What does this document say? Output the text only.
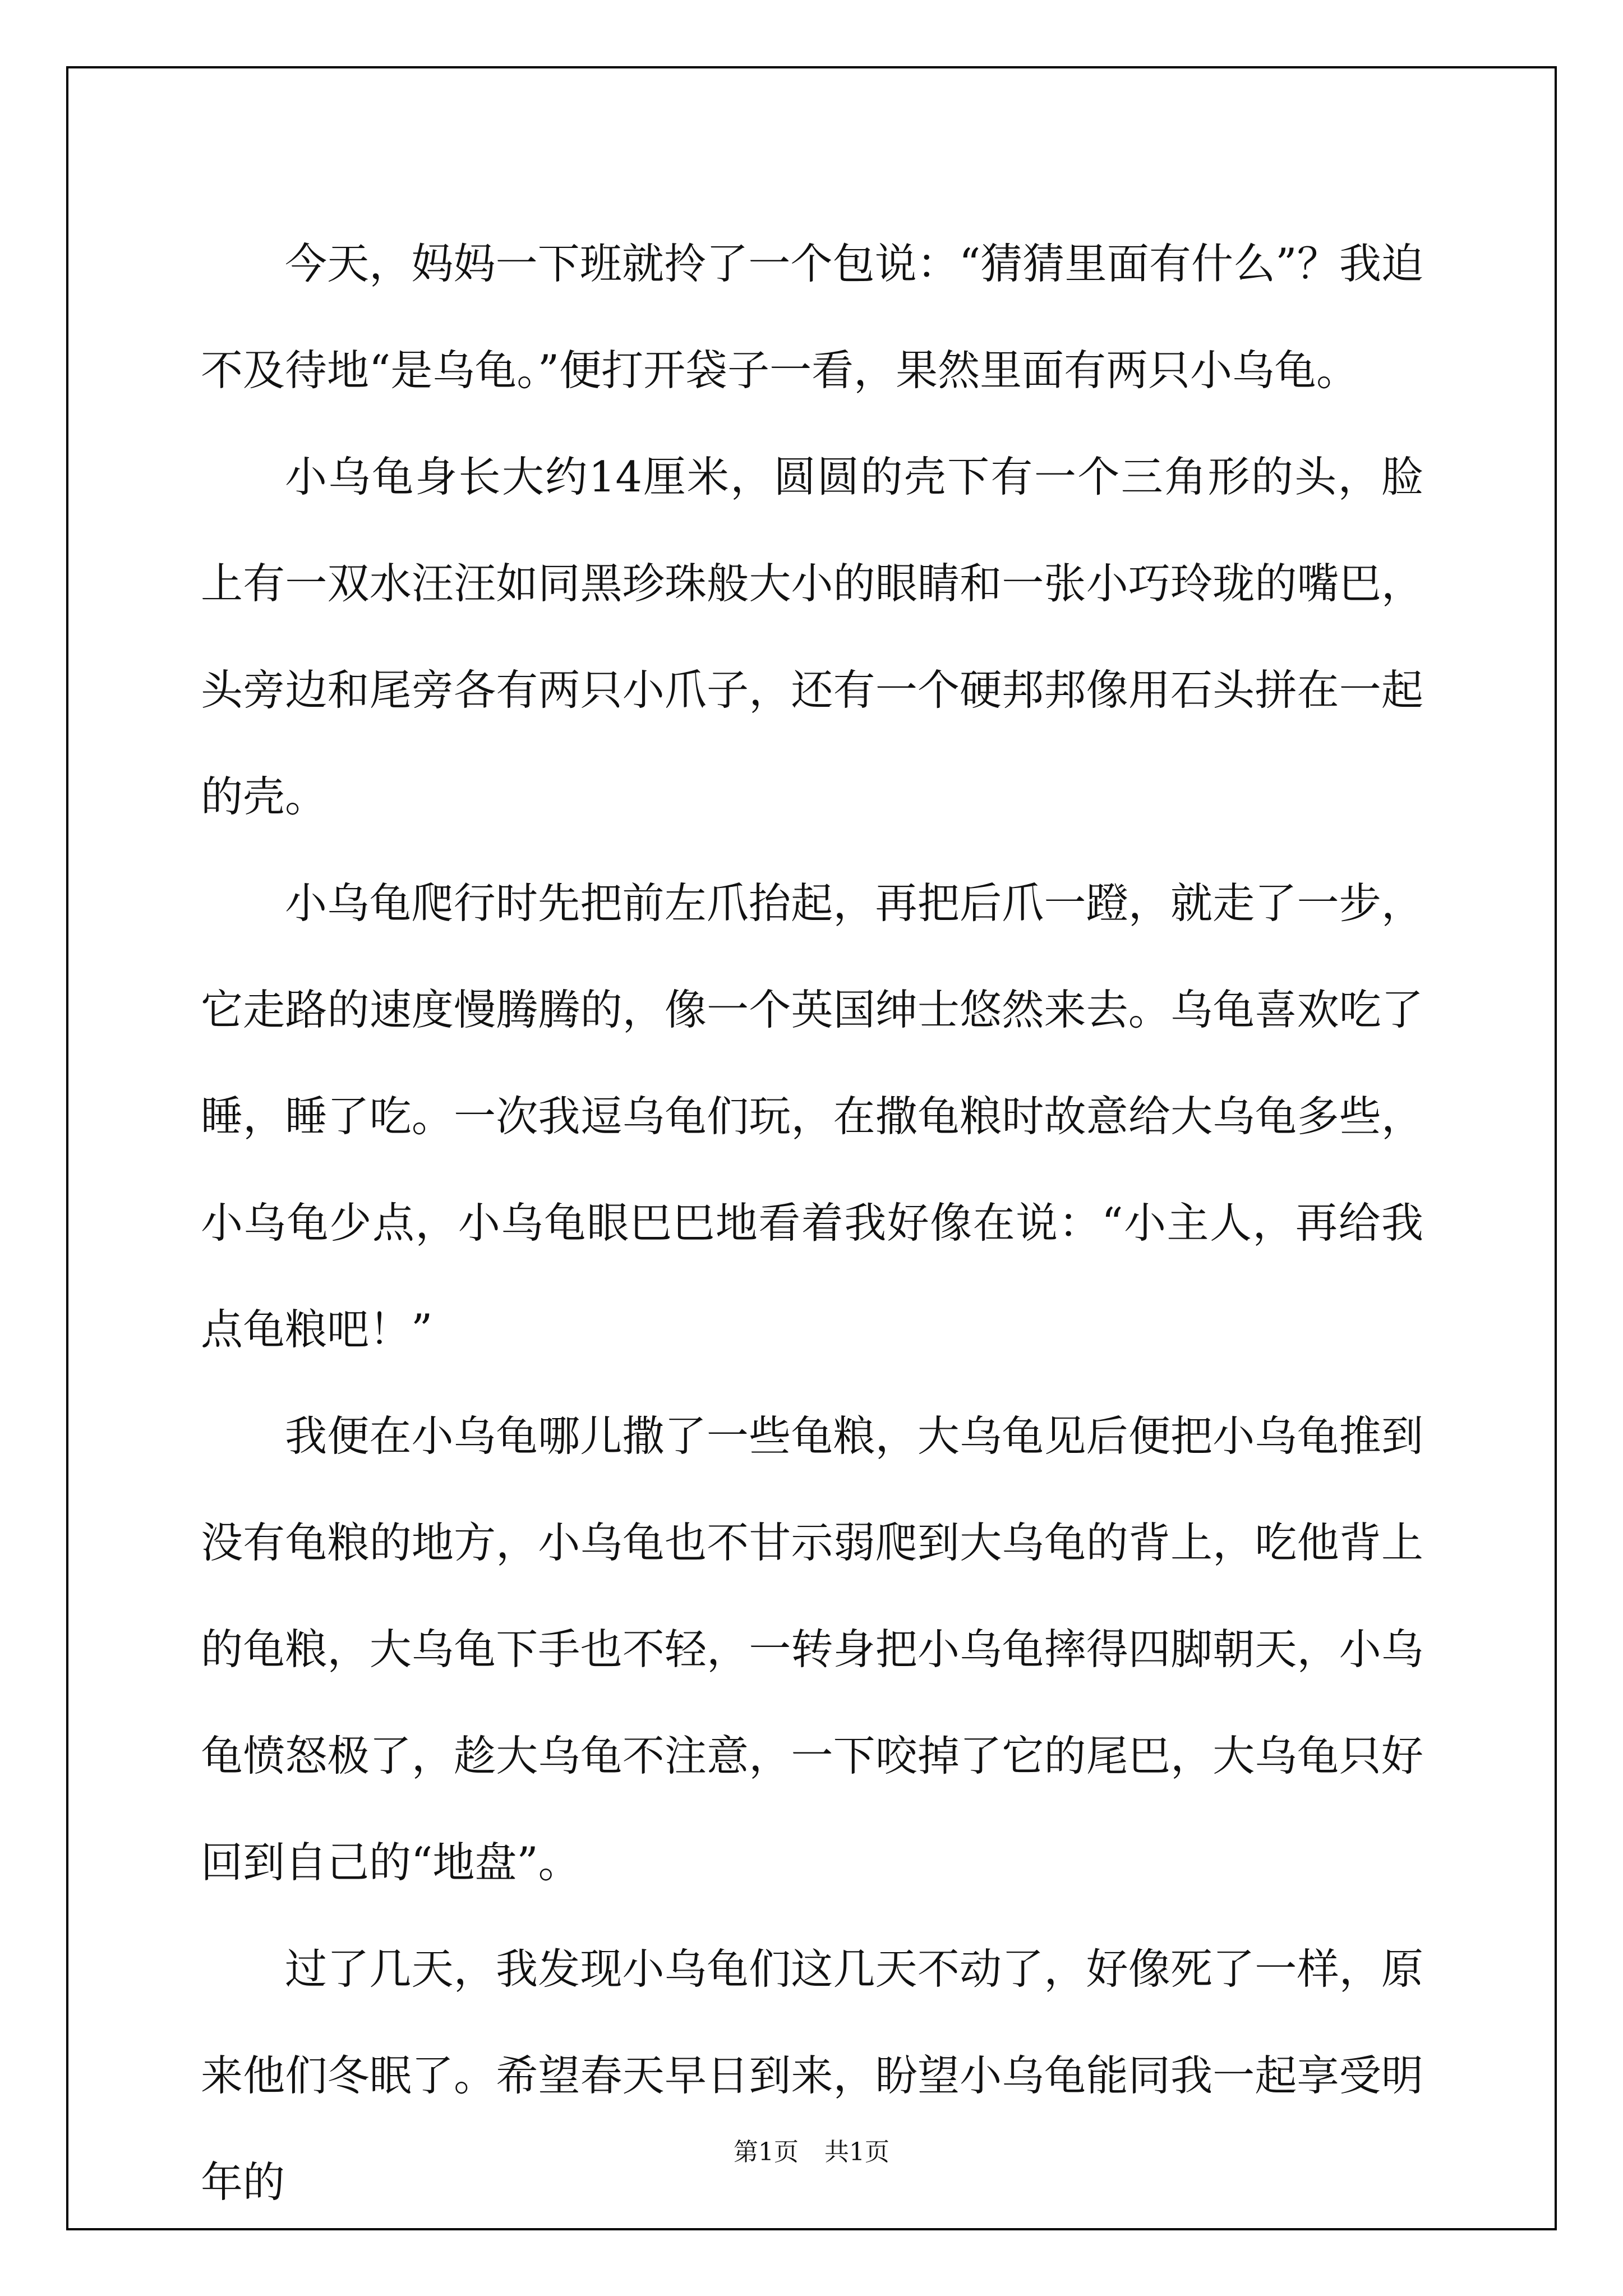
今天，妈妈一下班就拎了一个包说：“猜猜里面有什么”？我迫不及待地“是乌龟。”便打开袋子一看，果然里面有两只小乌龟。

小乌龟身长大约14厘米，圆圆的壳下有一个三角形的头，脸上有一双水汪汪如同黑珍珠般大小的眼睛和一张小巧玲珑的嘴巴，头旁边和尾旁各有两只小爪子，还有一个硬邦邦像用石头拼在一起的壳。

小乌龟爬行时先把前左爪抬起，再把后爪一蹬，就走了一步，它走路的速度慢腾腾的，像一个英国绅士悠然来去。乌龟喜欢吃了睡，睡了吃。一次我逗乌龟们玩，在撒龟粮时故意给大乌龟多些，小乌龟少点，小乌龟眼巴巴地看着我好像在说：“小主人，再给我点龟粮吧！”

我便在小乌龟哪儿撒了一些龟粮，大乌龟见后便把小乌龟推到没有龟粮的地方，小乌龟也不甘示弱爬到大乌龟的背上，吃他背上的龟粮，大乌龟下手也不轻，一转身把小乌龟摔得四脚朝天，小乌龟愤怒极了，趁大乌龟不注意，一下咬掉了它的尾巴，大乌龟只好回到自己的“地盘”。

过了几天，我发现小乌龟们这几天不动了，好像死了一样，原来他们冬眠了。希望春天早日到来，盼望小乌龟能同我一起享受明年的

第1页 共1页
